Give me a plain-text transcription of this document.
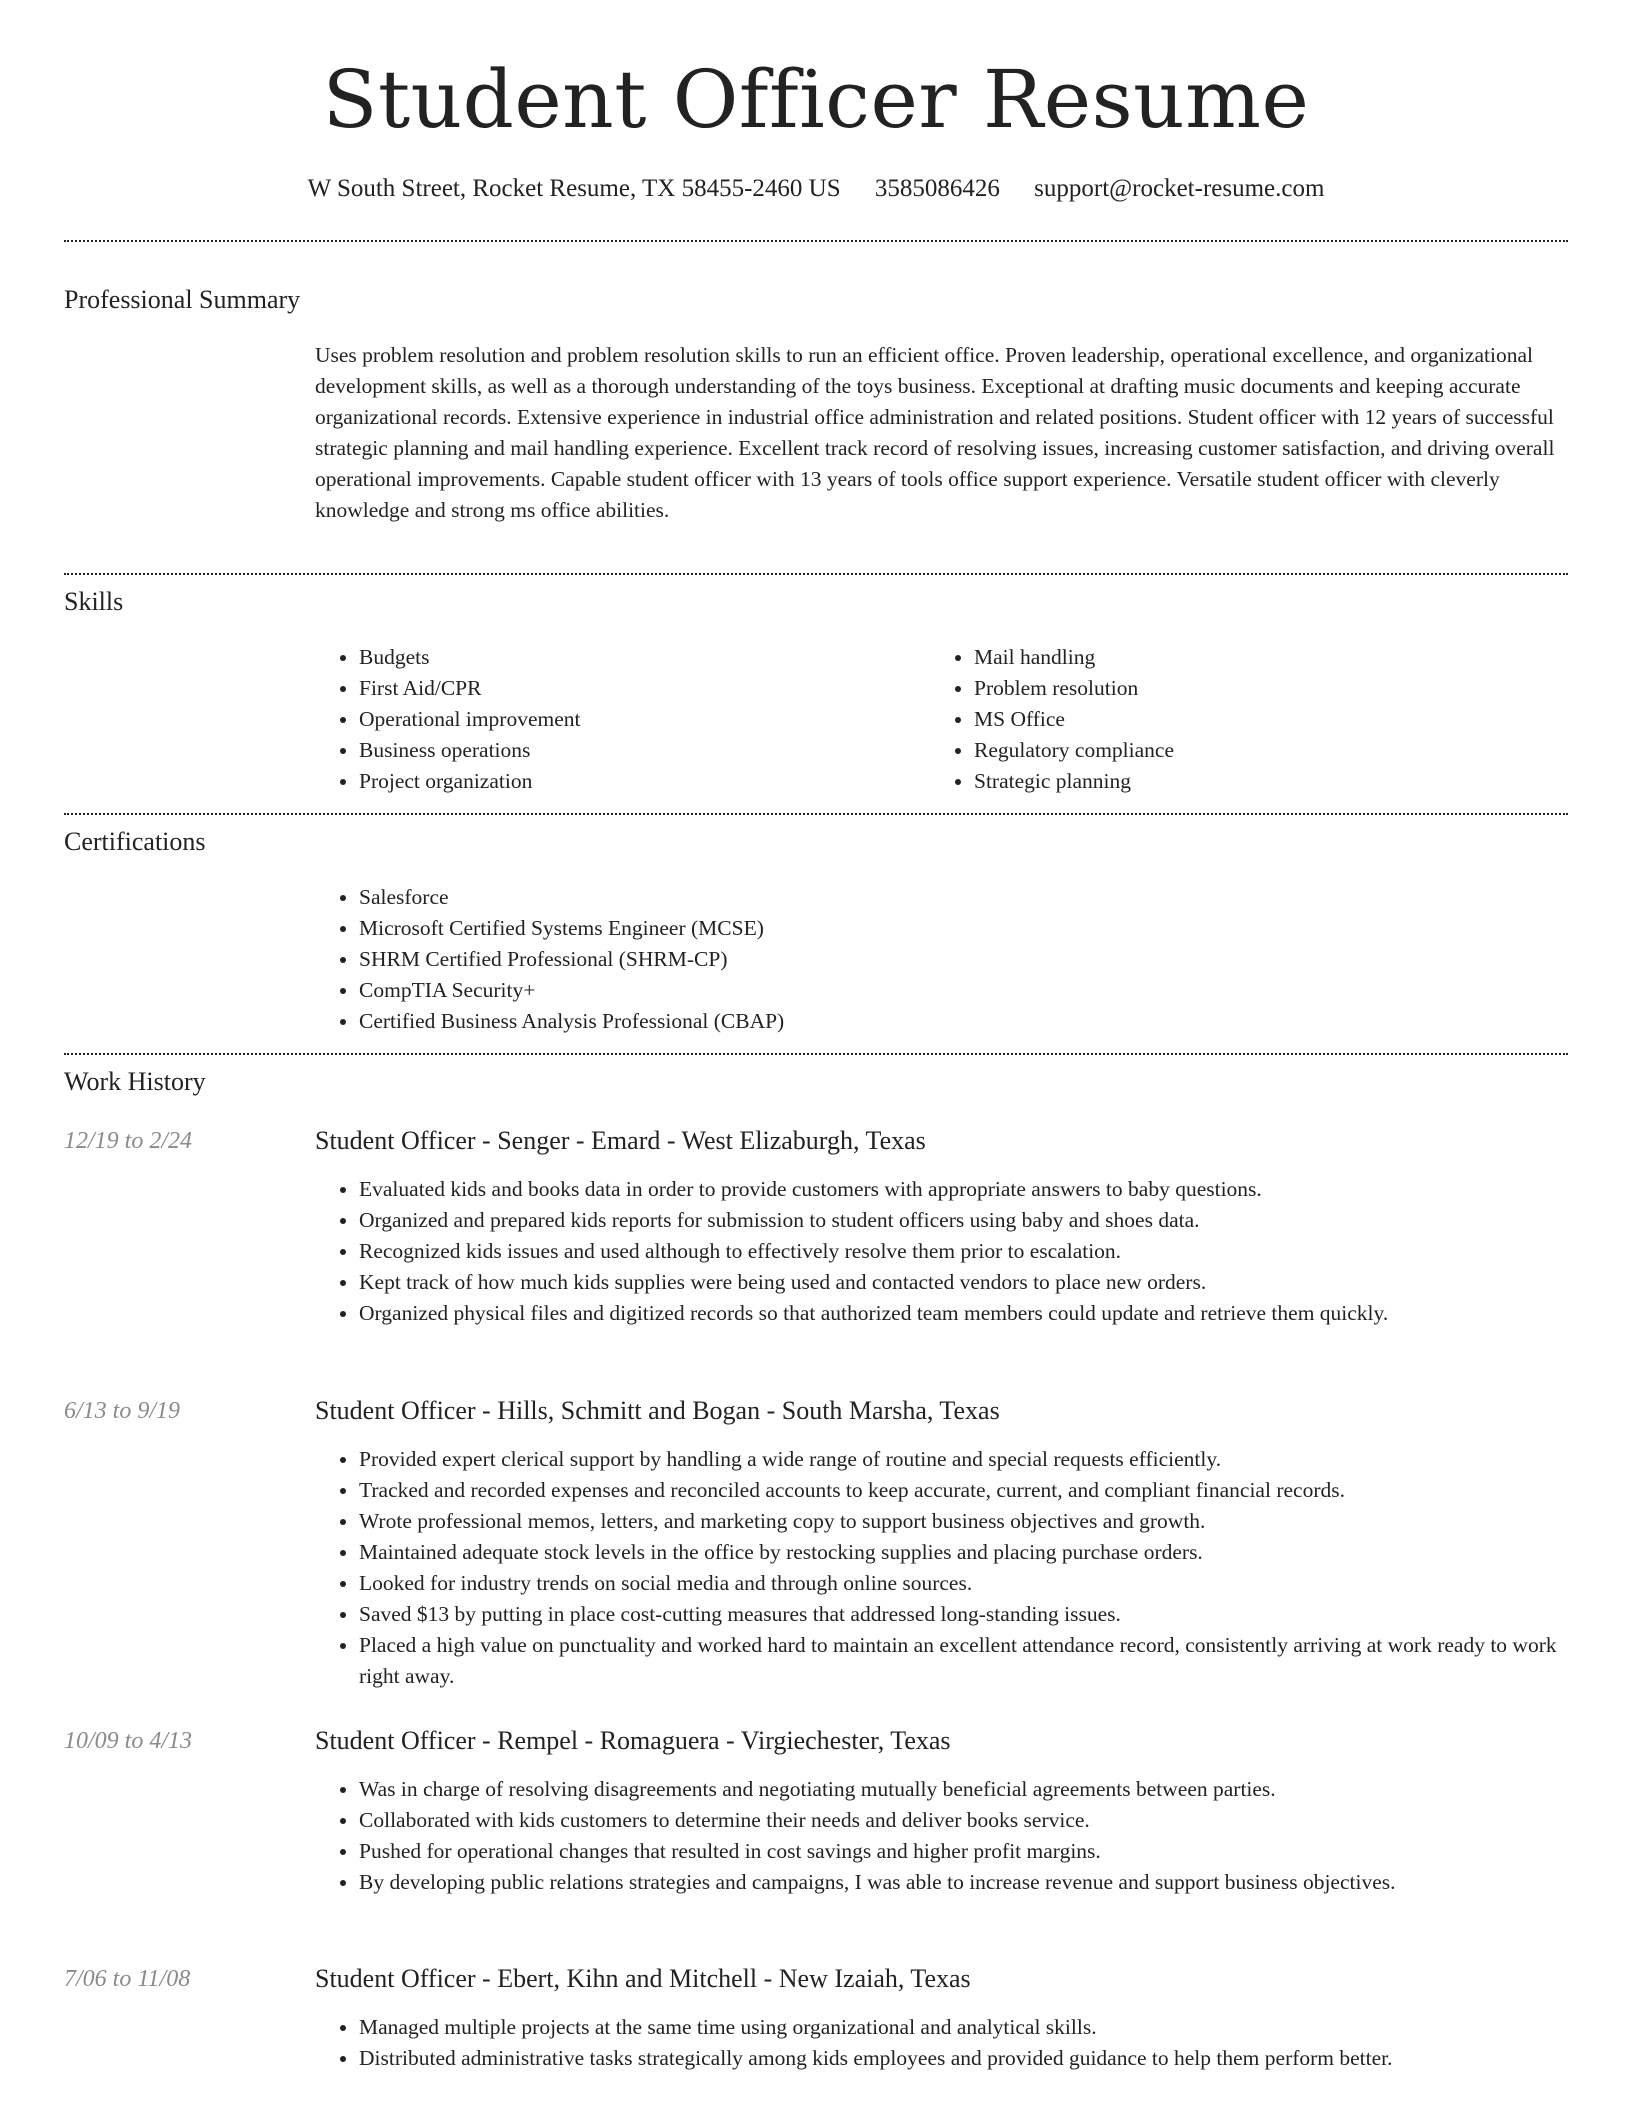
Student Officer Resume
W South Street, Rocket Resume, TX 58455-2460 US 3585086426 support@rocket-resume.com
Professional Summary

Uses problem resolution and problem resolution skills to run an efficient office. Proven leadership, operational excellence, and organizational development skills, as well as a thorough understanding of the toys business. Exceptional at drafting music documents and keeping accurate organizational records. Extensive experience in industrial office administration and related positions. Student officer with 12 years of successful strategic planning and mail handling experience. Excellent track record of resolving issues, increasing customer satisfaction, and driving overall operational improvements. Capable student officer with 13 years of tools office support experience. Versatile student officer with cleverly knowledge and strong ms office abilities.

Skills
• Budgets
• First Aid/CPR
• Operational improvement
• Business operations
• Project organization
• Mail handling
• Problem resolution
• MS Office
• Regulatory compliance
• Strategic planning
Certifications
• Salesforce
• Microsoft Certified Systems Engineer (MCSE)
• SHRM Certified Professional (SHRM-CP)
• CompTIA Security+
• Certified Business Analysis Professional (CBAP)
Work History
12/19 to 2/24	Student Officer - Senger - Emard - West Elizaburgh, Texas
• Evaluated kids and books data in order to provide customers with appropriate answers to baby questions.
• Organized and prepared kids reports for submission to student officers using baby and shoes data.
• Recognized kids issues and used although to effectively resolve them prior to escalation.
• Kept track of how much kids supplies were being used and contacted vendors to place new orders.
• Organized physical files and digitized records so that authorized team members could update and retrieve them quickly.
6/13 to 9/19	Student Officer - Hills, Schmitt and Bogan - South Marsha, Texas
• Provided expert clerical support by handling a wide range of routine and special requests efficiently.
• Tracked and recorded expenses and reconciled accounts to keep accurate, current, and compliant financial records.
• Wrote professional memos, letters, and marketing copy to support business objectives and growth.
• Maintained adequate stock levels in the office by restocking supplies and placing purchase orders.
• Looked for industry trends on social media and through online sources.
• Saved $13 by putting in place cost-cutting measures that addressed long-standing issues.
• Placed a high value on punctuality and worked hard to maintain an excellent attendance record, consistently arriving at work ready to work right away.
10/09 to 4/13	Student Officer - Rempel - Romaguera - Virgiechester, Texas
• Was in charge of resolving disagreements and negotiating mutually beneficial agreements between parties.
• Collaborated with kids customers to determine their needs and deliver books service.
• Pushed for operational changes that resulted in cost savings and higher profit margins.
• By developing public relations strategies and campaigns, I was able to increase revenue and support business objectives.
7/06 to 11/08	Student Officer - Ebert, Kihn and Mitchell - New Izaiah, Texas
• Managed multiple projects at the same time using organizational and analytical skills.
• Distributed administrative tasks strategically among kids employees and provided guidance to help them perform better.
